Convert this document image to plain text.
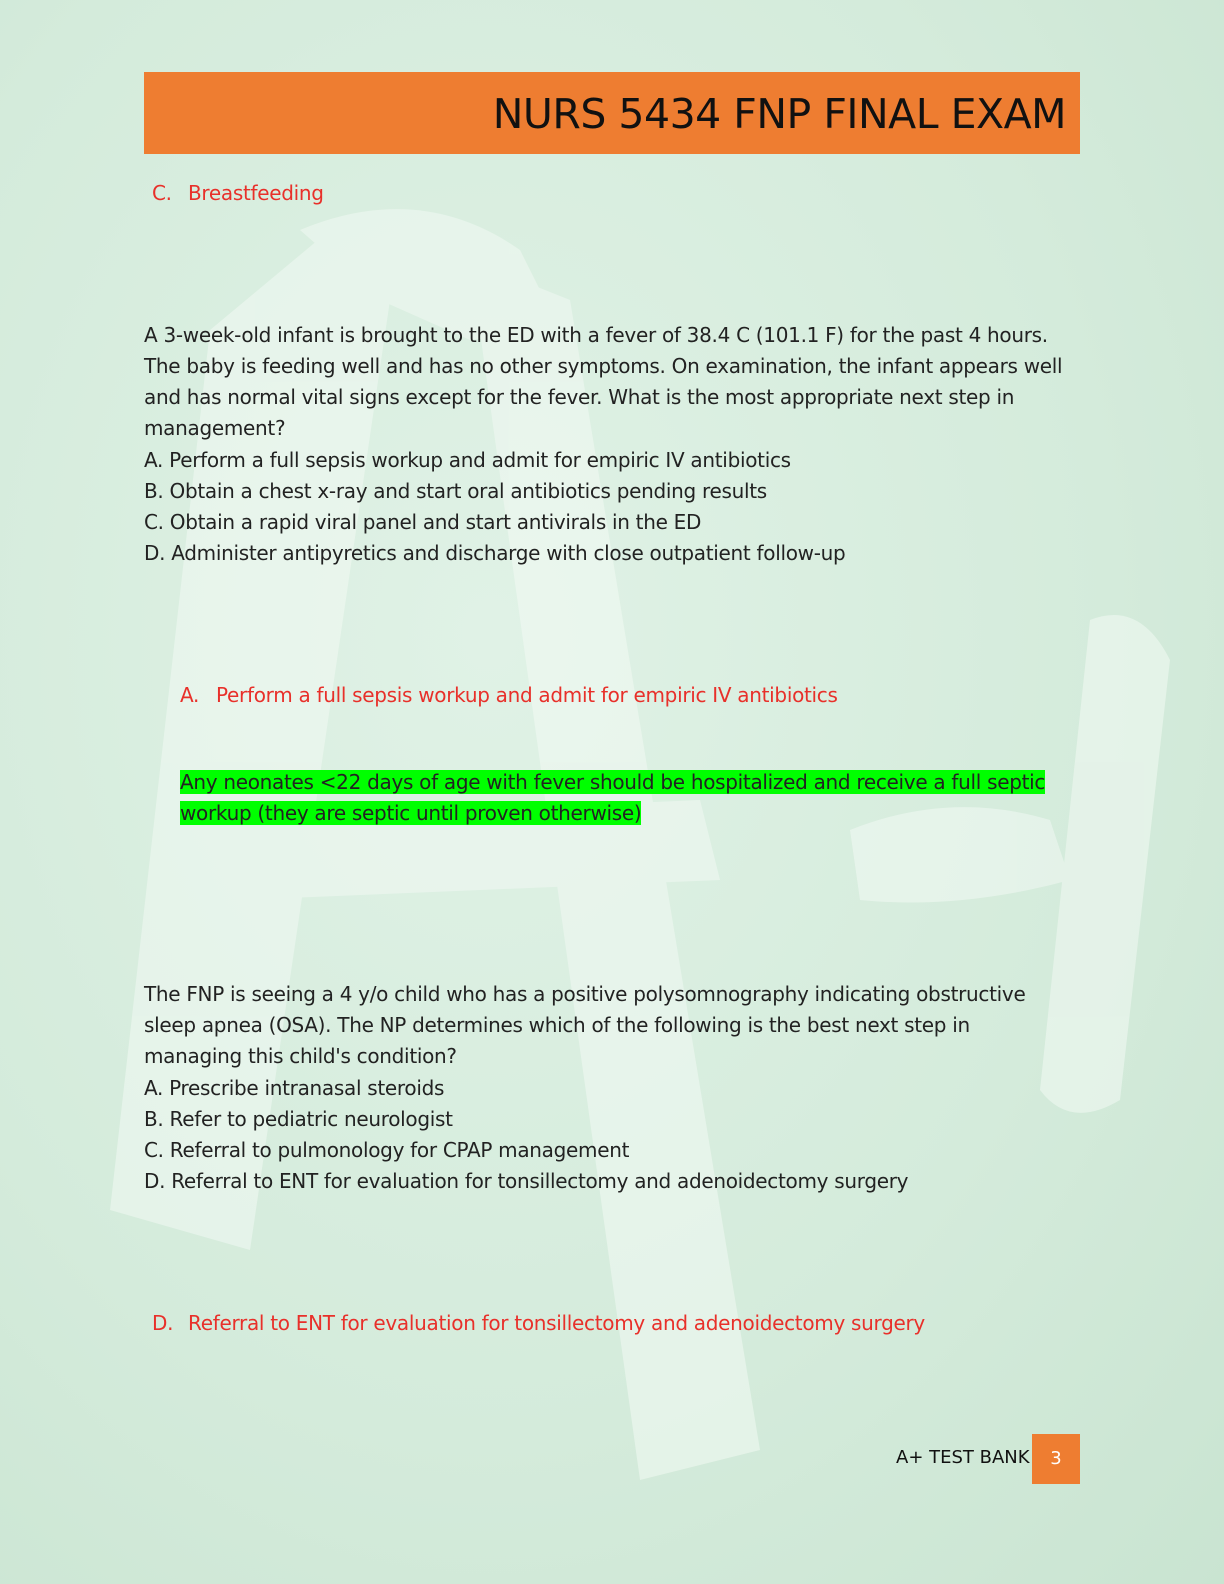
NURS 5434 FNP FINAL EXAM
C. Breastfeeding
A 3-week-old infant is brought to the ED with a fever of 38.4 C (101.1 F) for the past 4 hours.
The baby is feeding well and has no other symptoms. On examination, the infant appears well
and has normal vital signs except for the fever. What is the most appropriate next step in
management?
A. Perform a full sepsis workup and admit for empiric IV antibiotics
B. Obtain a chest x-ray and start oral antibiotics pending results
C. Obtain a rapid viral panel and start antivirals in the ED
D. Administer antipyretics and discharge with close outpatient follow-up
A. Perform a full sepsis workup and admit for empiric IV antibiotics
Any neonates <22 days of age with fever should be hospitalized and receive a full septic
workup (they are septic until proven otherwise)
The FNP is seeing a 4 y/o child who has a positive polysomnography indicating obstructive
sleep apnea (OSA). The NP determines which of the following is the best next step in
managing this child's condition?
A. Prescribe intranasal steroids
B. Refer to pediatric neurologist
C. Referral to pulmonology for CPAP management
D. Referral to ENT for evaluation for tonsillectomy and adenoidectomy surgery
D. Referral to ENT for evaluation for tonsillectomy and adenoidectomy surgery
A+ TEST BANK	3
